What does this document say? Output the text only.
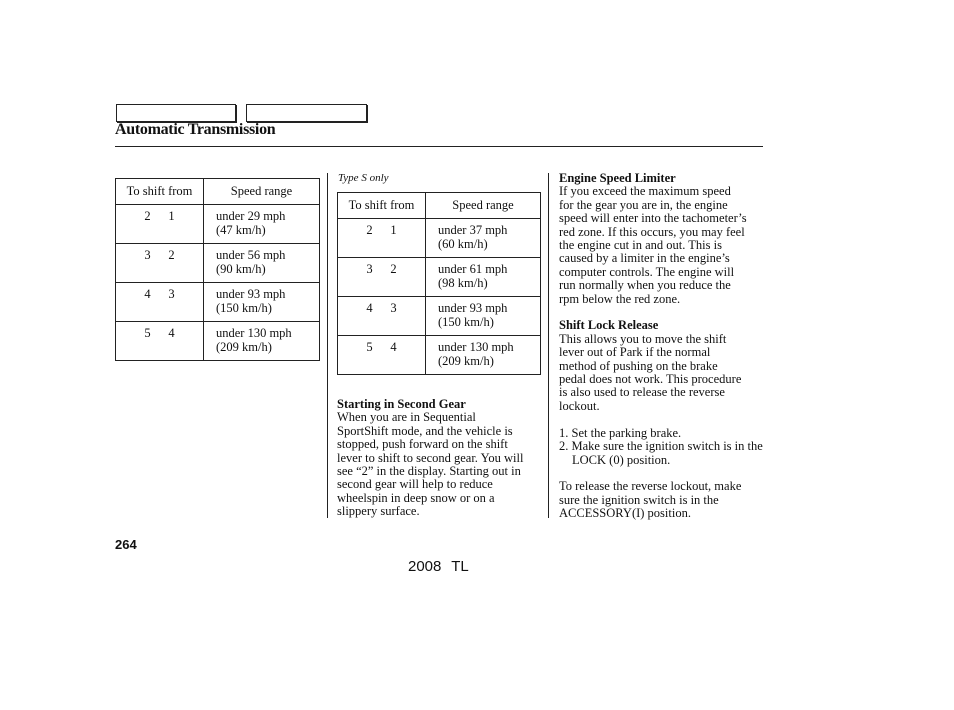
Automatic Transmission
To shift from	Speed range
2 1	under 29 mph
(47 km/h)

3 2	under 56 mph
(90 km/h)

4 3	under 93 mph
(150 km/h)

5 4	under 130 mph
(209 km/h)
Type S only
To shift from	Speed range
2 1	under 37 mph
(60 km/h)

3 2	under 61 mph
(98 km/h)

4 3	under 93 mph
(150 km/h)

5 4	under 130 mph
(209 km/h)
Starting in Second Gear
When you are in Sequential
SportShift mode, and the vehicle is
stopped, push forward on the shift
lever to shift to second gear. You will
see “2” in the display. Starting out in
second gear will help to reduce
wheelspin in deep snow or on a
slippery surface.
Engine Speed Limiter
If you exceed the maximum speed
for the gear you are in, the engine
speed will enter into the tachometer’s
red zone. If this occurs, you may feel
the engine cut in and out. This is
caused by a limiter in the engine’s
computer controls. The engine will
run normally when you reduce the
rpm below the red zone.
Shift Lock Release
This allows you to move the shift
lever out of Park if the normal
method of pushing on the brake
pedal does not work. This procedure
is also used to release the reverse
lockout.
1. Set the parking brake.
2. Make sure the ignition switch is in the LOCK (0) position.
To release the reverse lockout, make
sure the ignition switch is in the
ACCESSORY(I) position.
264
2008 TL
